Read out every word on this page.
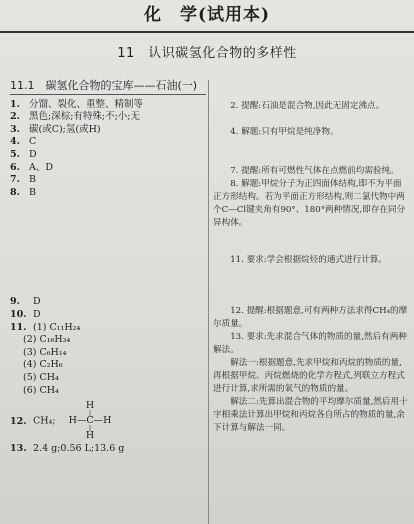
化　学(试用本)
11　认识碳氢化合物的多样性
11.1　碳氢化合物的宝库——石油(一)
1. 分馏、裂化、重整、精制等
2. 黑色;深棕;有特殊;不;小;无
3. 碳(或C);氢(或H)
4. C
5. D
6. A、D
7. B
8. B
9. D
10. D
11. (1) C₁₁H₂₄
(2) C₁₆H₃₄
(3) C₆H₁₄
(4) C₂H₆
(5) CH₄
(6) CH₄
12. CH₄;
H
|
H—C—H
|
H
13. 2.4 g;0.56 L;13.6 g

2. 提醒:石油是混合物,因此无固定沸点。

4. 解题:只有甲烷是纯净物。

7. 提醒:所有可燃性气体在点燃前均需验纯。

8. 解题:甲烷分子为正四面体结构,即不为平面正方形结构。若为平面正方形结构,则二氯代物中两个C—Cl键夹角有90°、180°两种情况,即存在同分异构体。

11. 要求:学会根据烷烃的通式进行计算。

12. 提醒:根据题意,可有两种方法求得CH₄的摩尔质量。

13. 要求:先求混合气体的物质的量,然后有两种解法。

解法一:根据题意,先求甲烷和丙烷的物质的量,再根据甲烷、丙烷燃烧的化学方程式,列联立方程式进行计算,求所需的氧气的物质的量。

解法二:先算出混合物的平均摩尔质量,然后用十字相乘法计算出甲烷和丙烷各自所占的物质的量,余下计算与解法一同。
